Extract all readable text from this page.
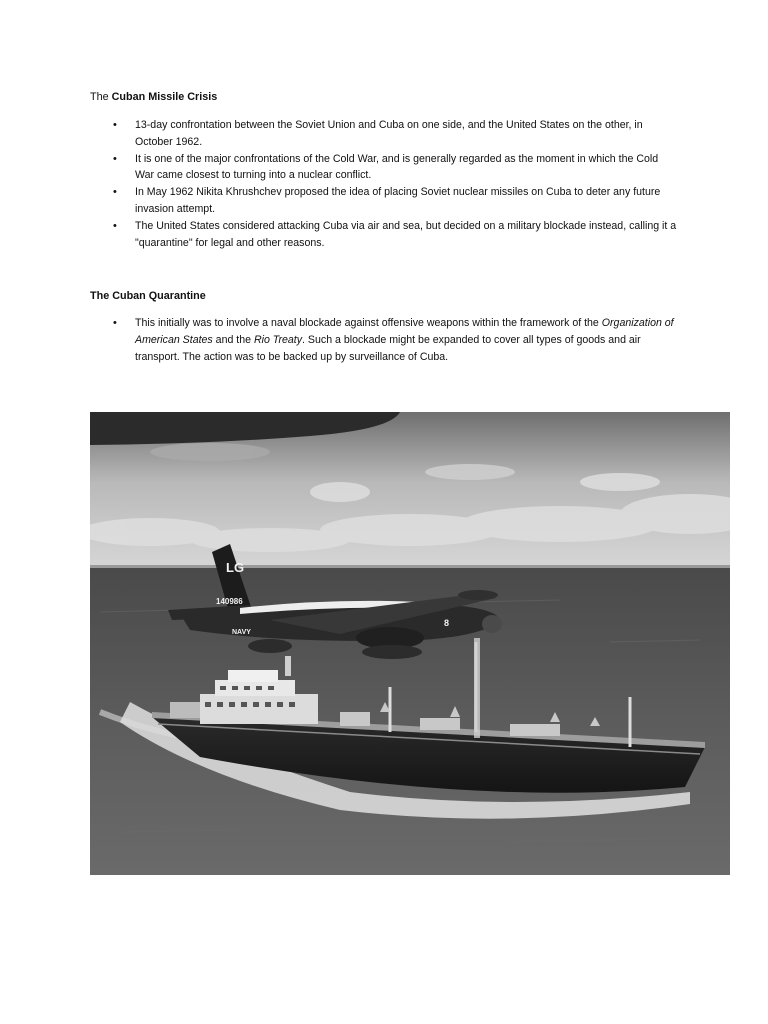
The Cuban Missile Crisis
• 13-day confrontation between the Soviet Union and Cuba on one side, and the United States on the other, in October 1962.
• It is one of the major confrontations of the Cold War, and is generally regarded as the moment in which the Cold War came closest to turning into a nuclear conflict.
• In May 1962 Nikita Khrushchev proposed the idea of placing Soviet nuclear missiles on Cuba to deter any future invasion attempt.
• The United States considered attacking Cuba via air and sea, but decided on a military blockade instead, calling it a "quarantine" for legal and other reasons.
The Cuban Quarantine
• This initially was to involve a naval blockade against offensive weapons within the framework of the Organization of American States and the Rio Treaty. Such a blockade might be expanded to cover all types of goods and air transport. The action was to be backed up by surveillance of Cuba.
LG
140986
NAVY
8
